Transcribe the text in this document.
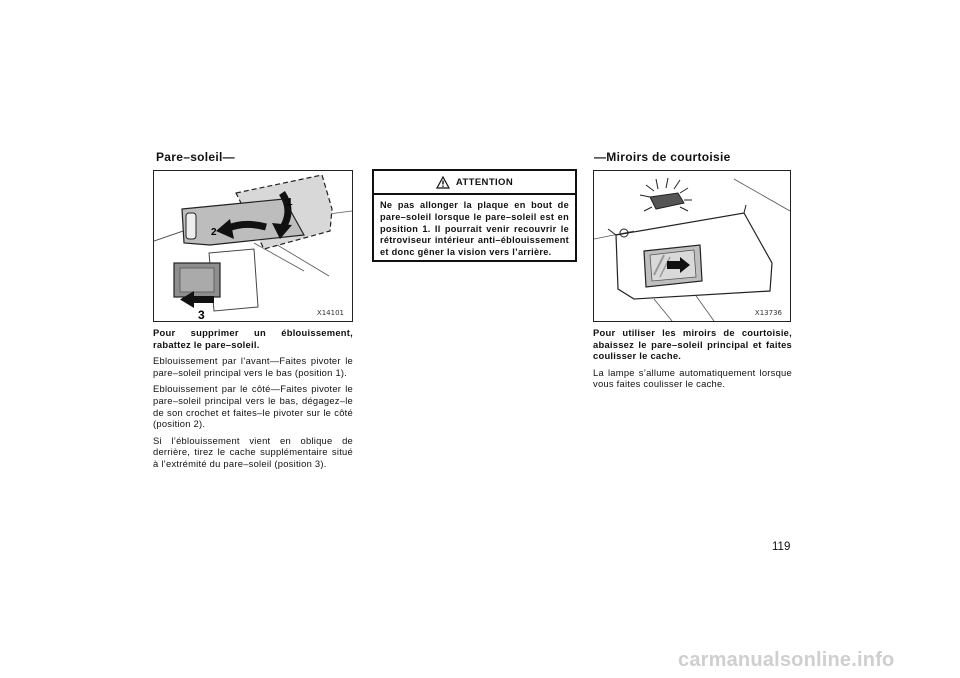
Pare–soleil—
1
2
3	X14101

Pour supprimer un éblouissement, rabattez le pare–soleil.

Eblouissement par l’avant—Faites pivoter le pare–soleil principal vers le bas (position 1).

Eblouissement par le côté—Faites pivoter le pare–soleil principal vers le bas, dégagez–le de son crochet et faites–le pivoter sur le côté (position 2).

Si l’éblouissement vient en oblique de derrière, tirez le cache supplémentaire situé à l’extrémité du pare–soleil (position 3).

ATTENTION
Ne pas allonger la plaque en bout de pare–soleil lorsque le pare–soleil est en position 1. Il pourrait venir recouvrir le rétroviseur intérieur anti–éblouissement et donc gêner la vision vers l’arrière.
—Miroirs de courtoisie
X13736

Pour utiliser les miroirs de courtoisie, abaissez le pare–soleil principal et faites coulisser le cache.

La lampe s’allume automatiquement lorsque vous faites coulisser le cache.

119
carmanualsonline.info
